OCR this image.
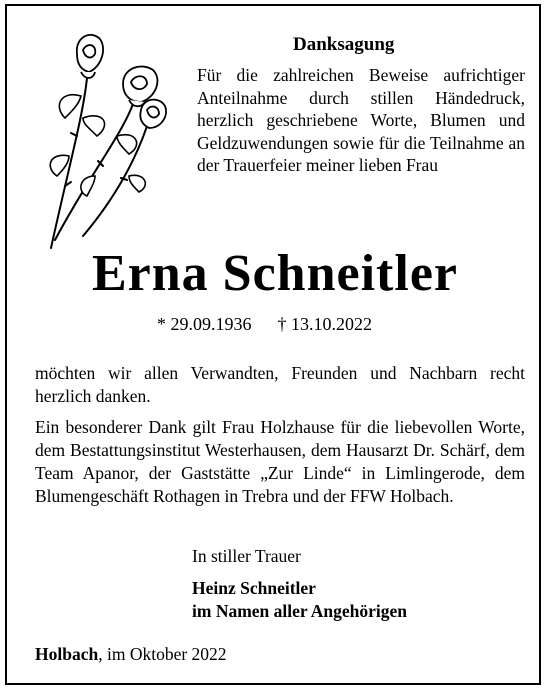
Danksagung
Für die zahlreichen Beweise aufrichtiger Anteilnahme durch stillen Händedruck, herzlich geschriebene Worte, Blumen und Geldzuwendungen sowie für die Teilnahme an der Trauerfeier meiner lieben Frau
Erna Schneitler
* 29.09.1936 † 13.10.2022
möchten wir allen Verwandten, Freunden und Nachbarn recht herzlich danken.
Ein besonderer Dank gilt Frau Holzhause für die liebevollen Worte, dem Bestattungsinstitut Westerhausen, dem Hausarzt Dr. Schärf, dem Team Apanor, der Gaststätte „Zur Linde“ in Limlingerode, dem Blumengeschäft Rothagen in Trebra und der FFW Holbach.
In stiller Trauer
Heinz Schneitler
im Namen aller Angehörigen
Holbach, im Oktober 2022
